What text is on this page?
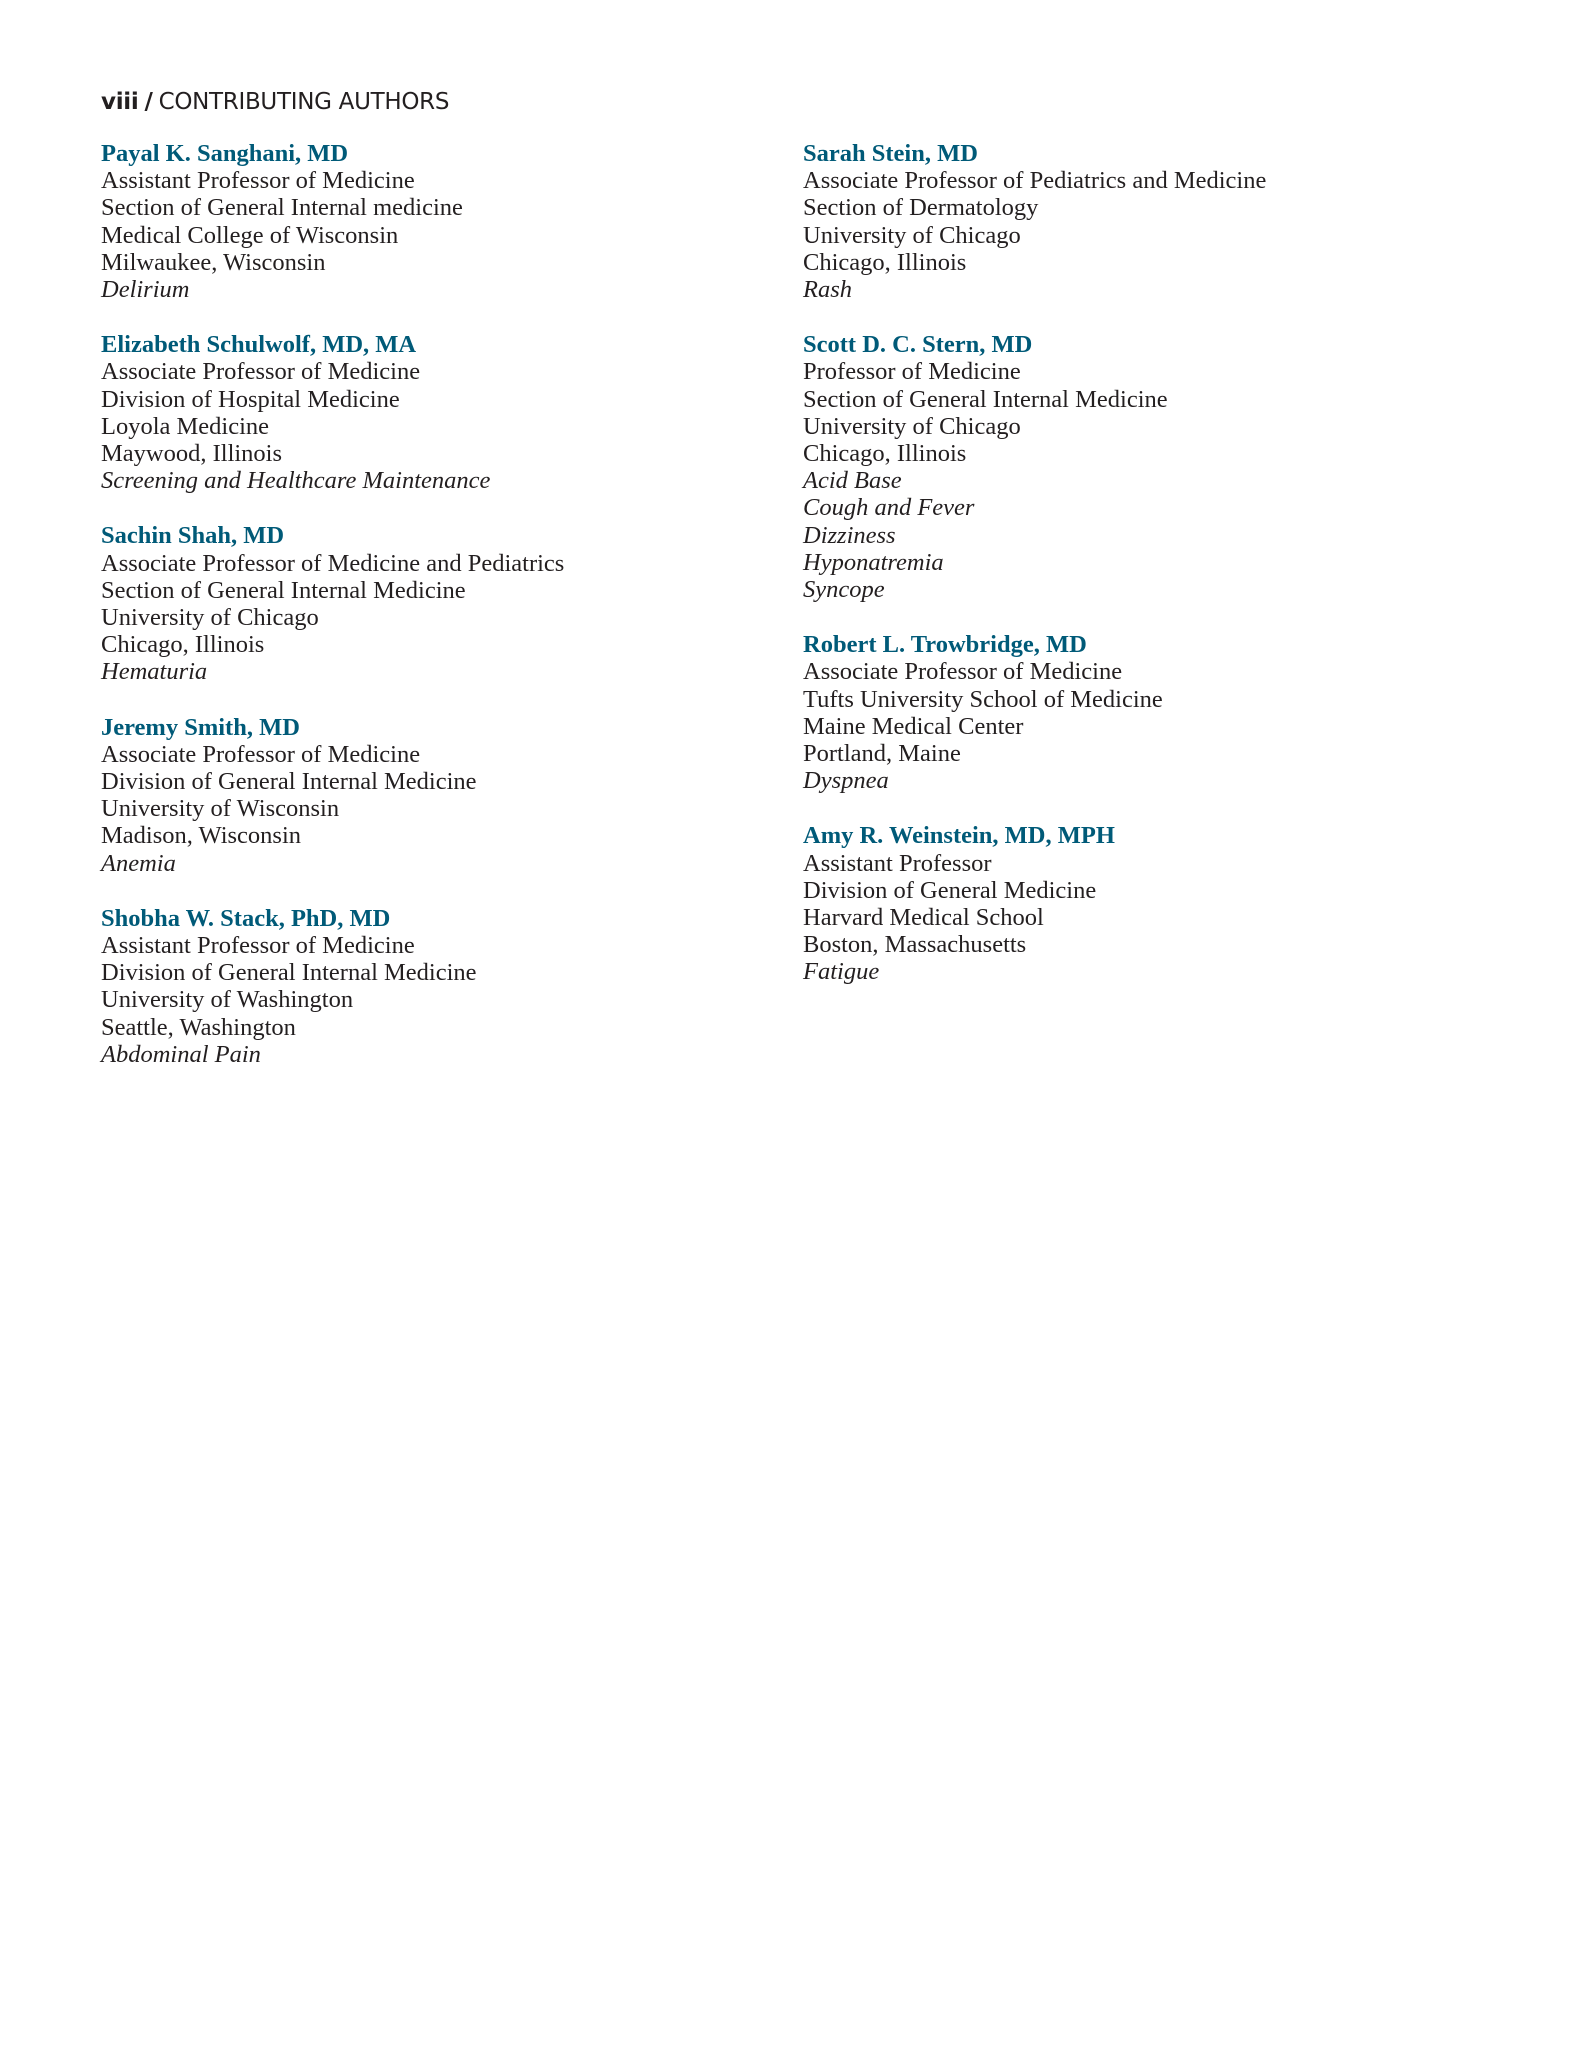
viii / CONTRIBUTING AUTHORS
Payal K. Sanghani, MD
Assistant Professor of Medicine
Section of General Internal medicine
Medical College of Wisconsin
Milwaukee, Wisconsin
Delirium
Elizabeth Schulwolf, MD, MA
Associate Professor of Medicine
Division of Hospital Medicine
Loyola Medicine
Maywood, Illinois
Screening and Healthcare Maintenance
Sachin Shah, MD
Associate Professor of Medicine and Pediatrics
Section of General Internal Medicine
University of Chicago
Chicago, Illinois
Hematuria
Jeremy Smith, MD
Associate Professor of Medicine
Division of General Internal Medicine
University of Wisconsin
Madison, Wisconsin
Anemia
Shobha W. Stack, PhD, MD
Assistant Professor of Medicine
Division of General Internal Medicine
University of Washington
Seattle, Washington
Abdominal Pain
Sarah Stein, MD
Associate Professor of Pediatrics and Medicine
Section of Dermatology
University of Chicago
Chicago, Illinois
Rash
Scott D. C. Stern, MD
Professor of Medicine
Section of General Internal Medicine
University of Chicago
Chicago, Illinois
Acid Base
Cough and Fever
Dizziness
Hyponatremia
Syncope
Robert L. Trowbridge, MD
Associate Professor of Medicine
Tufts University School of Medicine
Maine Medical Center
Portland, Maine
Dyspnea
Amy R. Weinstein, MD, MPH
Assistant Professor
Division of General Medicine
Harvard Medical School
Boston, Massachusetts
Fatigue
